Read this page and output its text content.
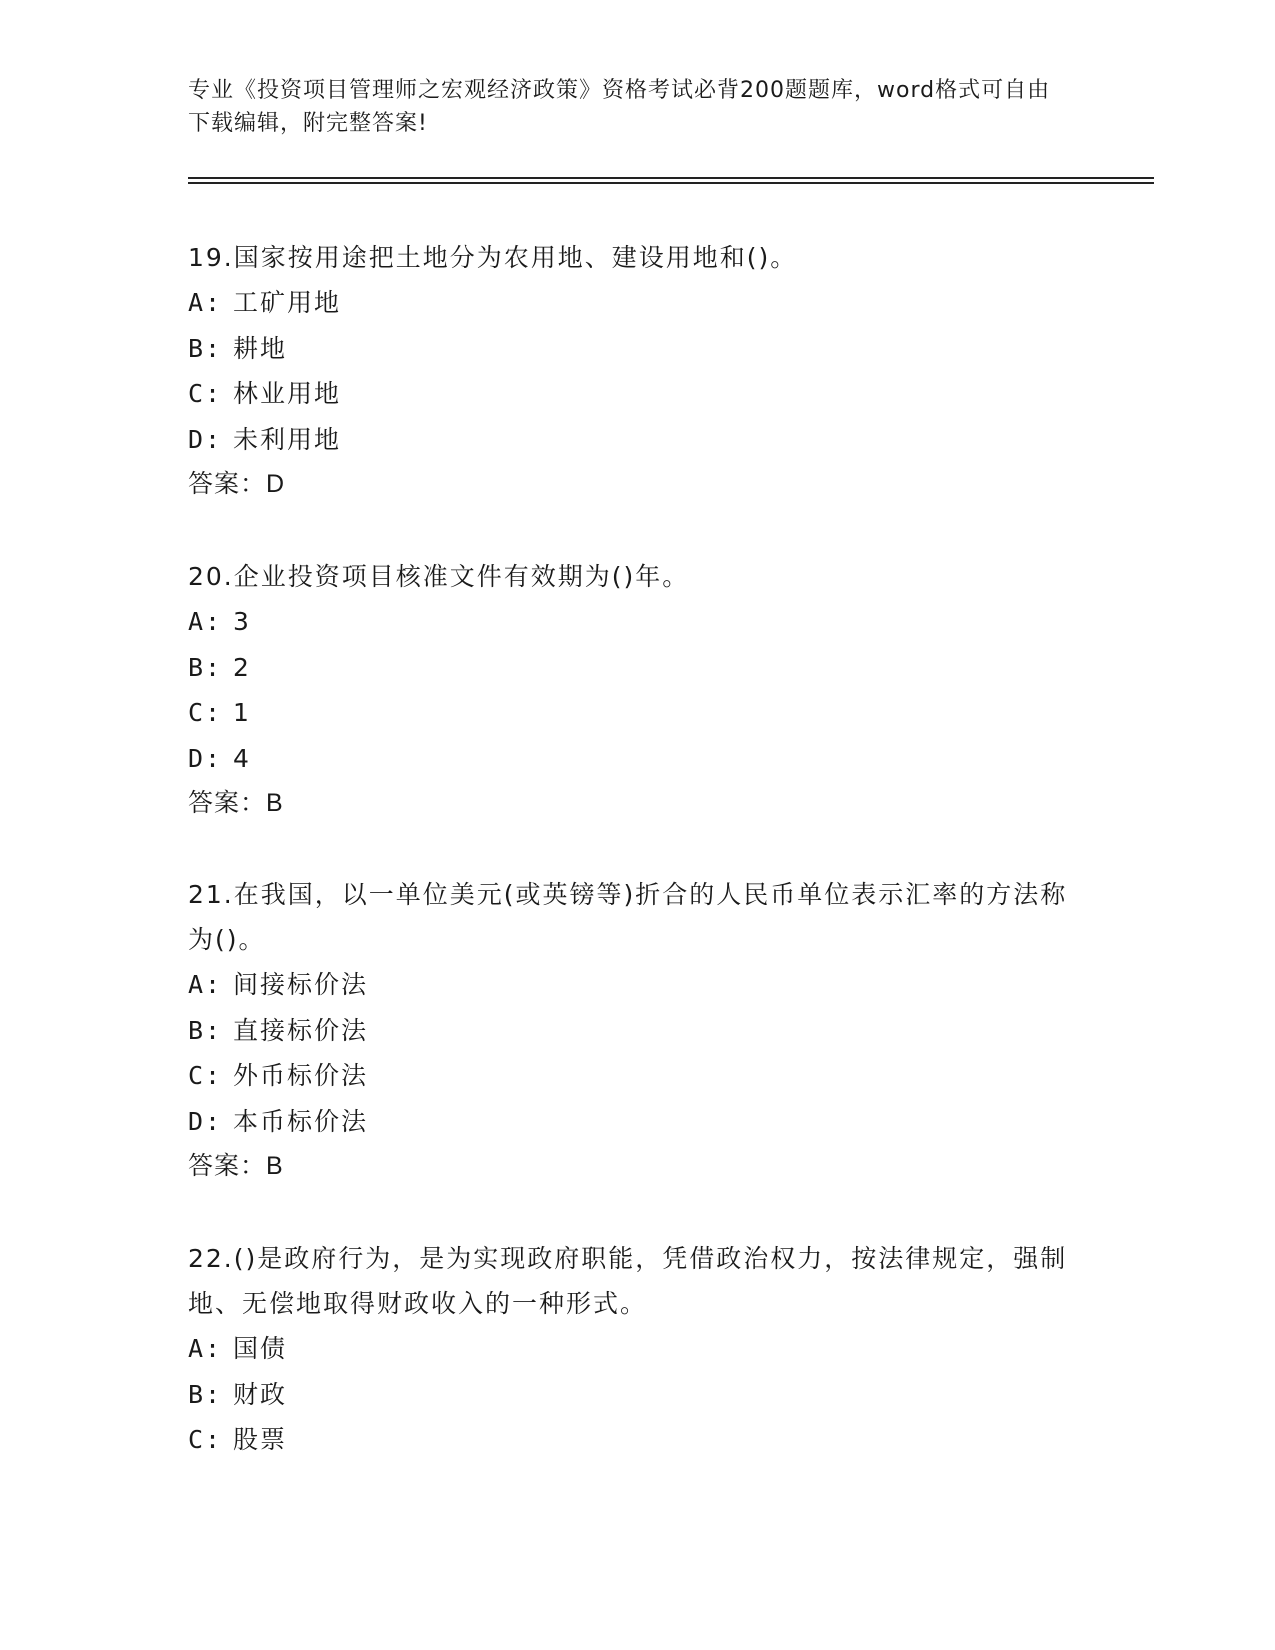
专业《投资项目管理师之宏观经济政策》资格考试必背200题题库，word格式可自由下载编辑，附完整答案!

19.国家按用途把土地分为农用地、建设用地和()。

A: 工矿用地

B: 耕地

C: 林业用地

D: 未利用地

答案：D

20.企业投资项目核准文件有效期为()年。

A: 3

B: 2

C: 1

D: 4

答案：B

21.在我国，以一单位美元(或英镑等)折合的人民币单位表示汇率的方法称为()。

A: 间接标价法

B: 直接标价法

C: 外币标价法

D: 本币标价法

答案：B

22.()是政府行为，是为实现政府职能，凭借政治权力，按法律规定，强制地、无偿地取得财政收入的一种形式。

A: 国债

B: 财政

C: 股票
